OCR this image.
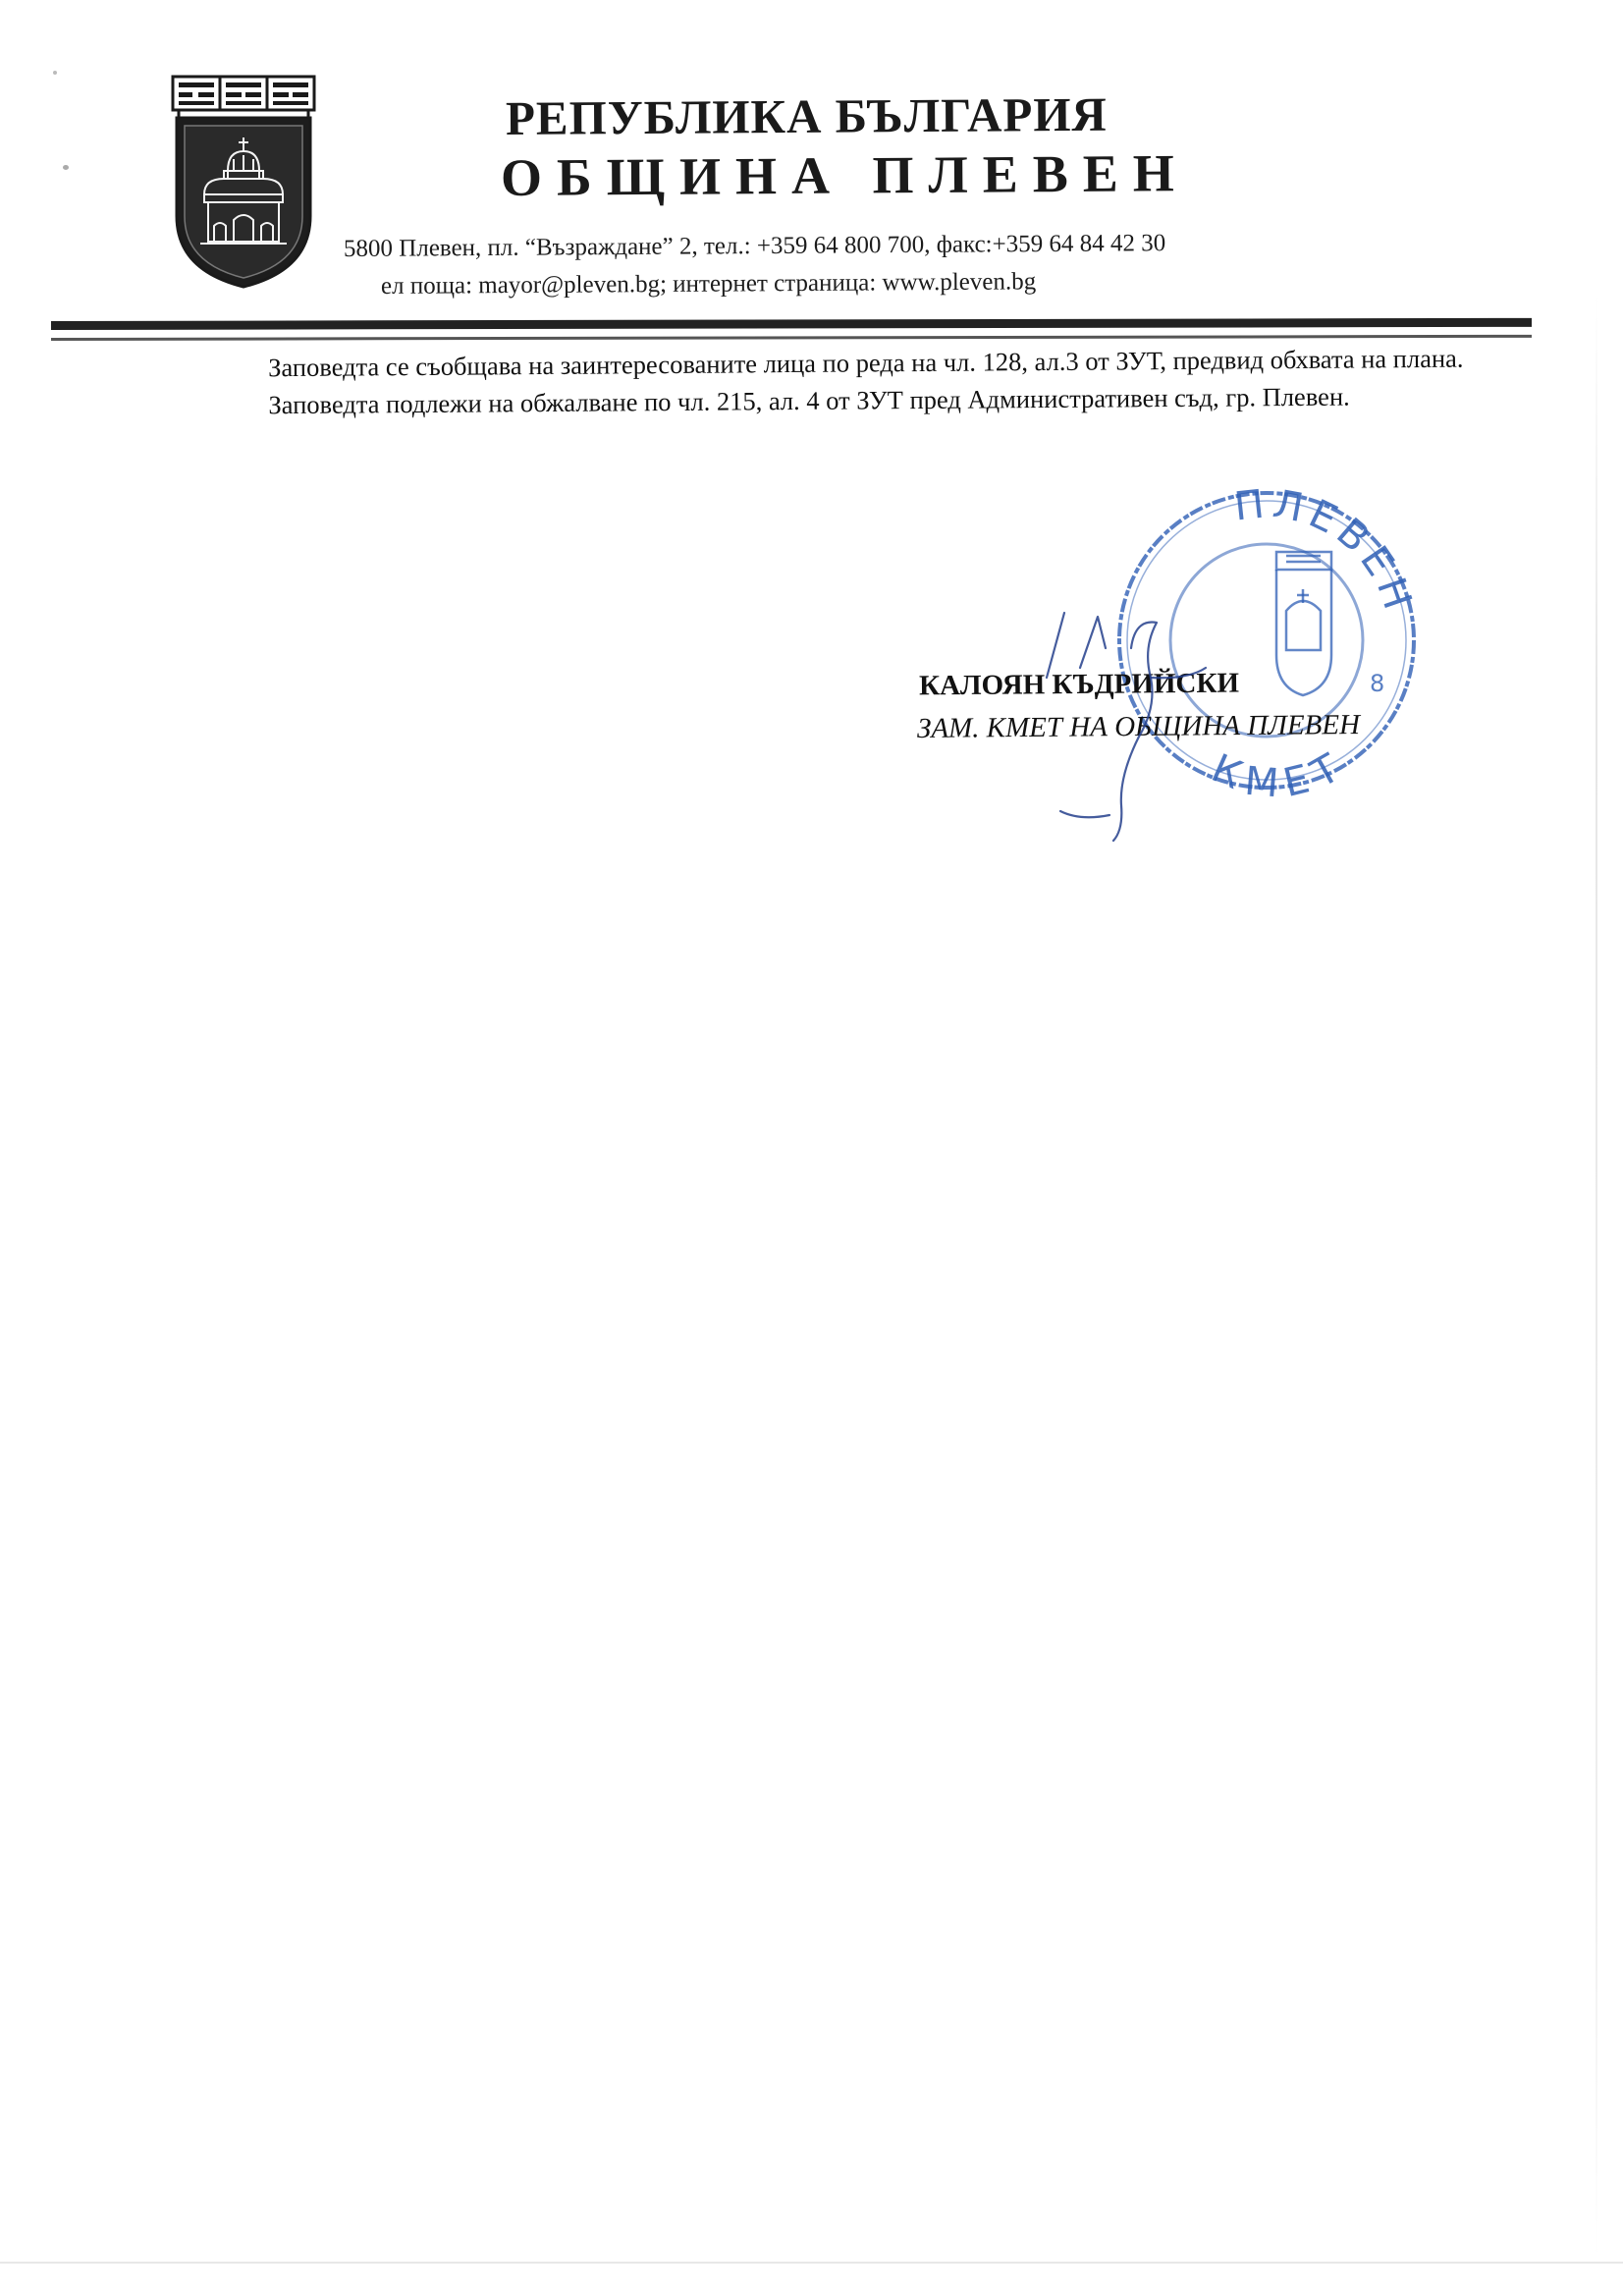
РЕПУБЛИКА БЪЛГАРИЯ
ОБЩИНА ПЛЕВЕН
5800 Плевен, пл. “Възраждане” 2, тел.: +359 64 800 700, факс:+359 64 84 42 30
ел поща: mayor@pleven.bg; интернет страница: www.pleven.bg

Заповедта се съобщава на заинтересованите лица по реда на чл. 128, ал.3 от ЗУТ, предвид обхвата на плана.

Заповедта подлежи на обжалване по чл. 215, ал. 4 от ЗУТ пред Административен съд, гр. Плевен.

ПЛЕВЕН
КМЕТ
8
КАЛОЯН КЪДРИЙСКИ
ЗАМ. КМЕТ НА ОБЩИНА ПЛЕВЕН
